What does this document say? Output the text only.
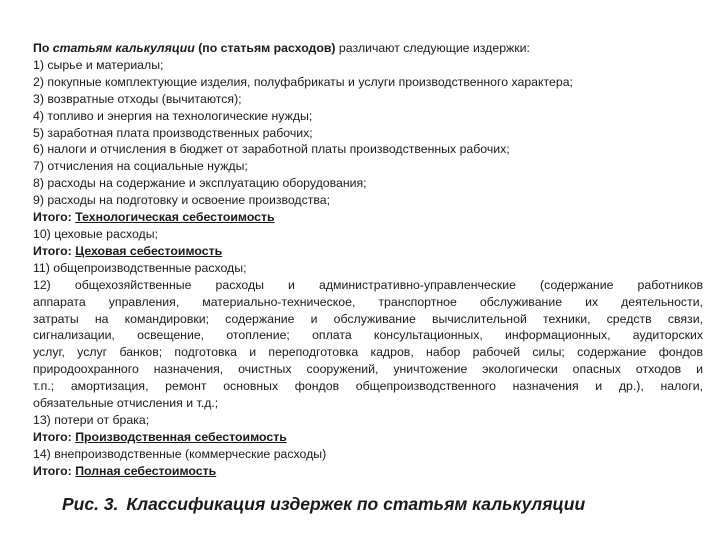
По статьям калькуляции (по статьям расходов) различают следующие издержки:
1) сырье и материалы;
2) покупные комплектующие изделия, полуфабрикаты и услуги производственного характера;
3) возвратные отходы (вычитаются);
4) топливо и энергия на технологические нужды;
5) заработная плата производственных рабочих;
6) налоги и отчисления в бюджет от заработной платы производственных рабочих;
7) отчисления на социальные нужды;
8) расходы на содержание и эксплуатацию оборудования;
9) расходы на подготовку и освоение производства;
Итого: Технологическая себестоимость
10) цеховые расходы;
Итого: Цеховая себестоимость
11) общепроизводственные расходы;
12) общехозяйственные расходы и административно-управленческие (содержание работников
аппарата управления, материально-техническое, транспортное обслуживание их деятельности,
затраты на командировки; содержание и обслуживание вычислительной техники, средств связи,
сигнализации, освещение, отопление; оплата консультационных, информационных, аудиторских
услуг, услуг банков; подготовка и переподготовка кадров, набор рабочей силы; содержание фондов
природоохранного назначения, очистных сооружений, уничтожение экологически опасных отходов и
т.п.; амортизация, ремонт основных фондов общепроизводственного назначения и др.), налоги,
обязательные отчисления и т.д.;
13) потери от брака;
Итого: Производственная себестоимость
14) внепроизводственные (коммерческие расходы)
Итого: Полная себестоимость
Рис. 3. Классификация издержек по статьям калькуляции
